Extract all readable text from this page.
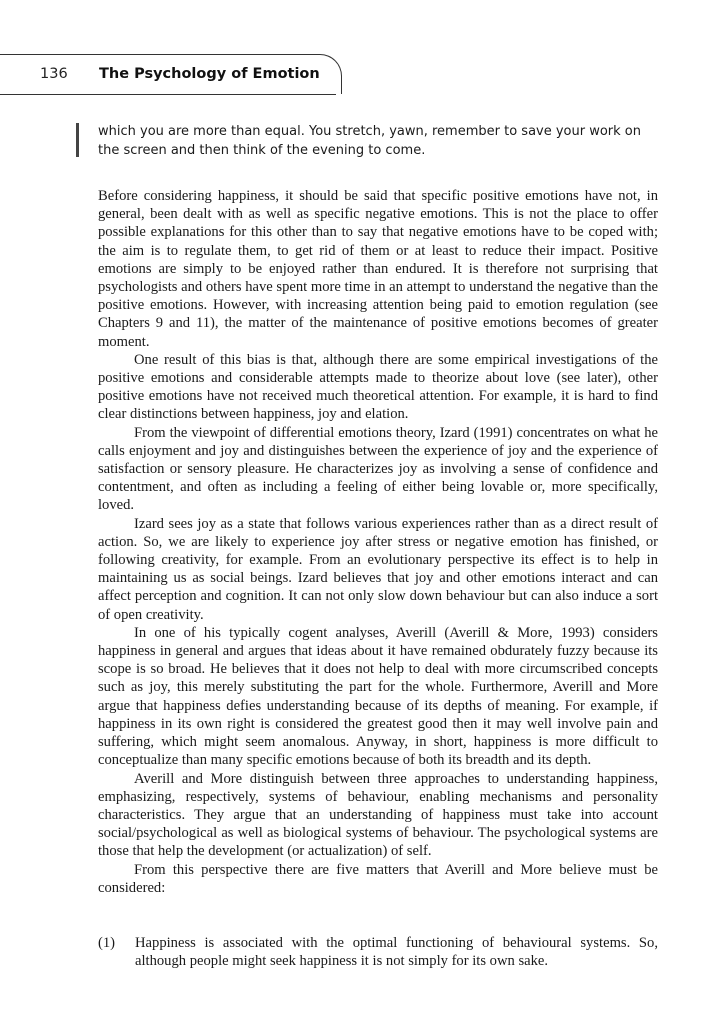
136 The Psychology of Emotion
which you are more than equal. You stretch, yawn, remember to save your work on the screen and then think of the evening to come.

Before considering happiness, it should be said that specific positive emotions have not, in general, been dealt with as well as specific negative emotions. This is not the place to offer possible explanations for this other than to say that negative emotions have to be coped with; the aim is to regulate them, to get rid of them or at least to reduce their impact. Positive emotions are simply to be enjoyed rather than endured. It is therefore not surprising that psychologists and others have spent more time in an attempt to understand the negative than the positive emotions. However, with increasing attention being paid to emotion regulation (see Chapters 9 and 11), the matter of the maintenance of positive emotions becomes of greater moment.

One result of this bias is that, although there are some empirical investigations of the positive emotions and considerable attempts made to theorize about love (see later), other positive emotions have not received much theoretical attention. For example, it is hard to find clear distinctions between happiness, joy and elation.

From the viewpoint of differential emotions theory, Izard (1991) concentrates on what he calls enjoyment and joy and distinguishes between the experience of joy and the experience of satisfaction or sensory pleasure. He characterizes joy as involving a sense of confidence and contentment, and often as including a feeling of either being lovable or, more specifically, loved.

Izard sees joy as a state that follows various experiences rather than as a direct result of action. So, we are likely to experience joy after stress or negative emotion has finished, or following creativity, for example. From an evolutionary perspective its effect is to help in maintaining us as social beings. Izard believes that joy and other emotions interact and can affect perception and cognition. It can not only slow down behaviour but can also induce a sort of open creativity.

In one of his typically cogent analyses, Averill (Averill & More, 1993) considers happiness in general and argues that ideas about it have remained obdurately fuzzy because its scope is so broad. He believes that it does not help to deal with more circumscribed concepts such as joy, this merely substituting the part for the whole. Furthermore, Averill and More argue that happiness defies understanding because of its depths of meaning. For example, if happiness in its own right is considered the greatest good then it may well involve pain and suffering, which might seem anomalous. Anyway, in short, happiness is more difficult to conceptualize than many specific emotions because of both its breadth and its depth.

Averill and More distinguish between three approaches to understanding happiness, emphasizing, respectively, systems of behaviour, enabling mechanisms and personality characteristics. They argue that an understanding of happiness must take into account social/psychological as well as biological systems of behaviour. The psychological systems are those that help the development (or actualization) of self.

From this perspective there are five matters that Averill and More believe must be considered:

(1) Happiness is associated with the optimal functioning of behavioural systems. So, although people might seek happiness it is not simply for its own sake.
